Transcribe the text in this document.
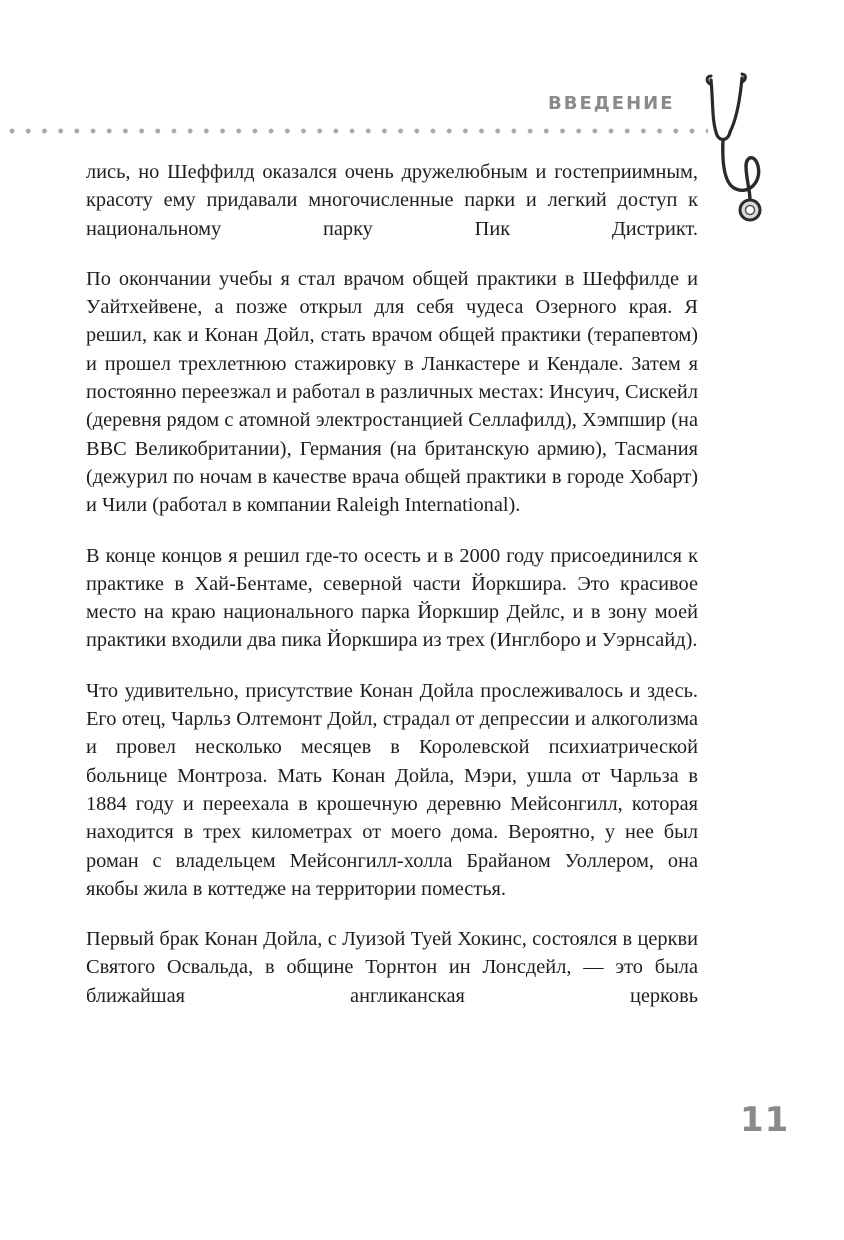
введение

лись, но Шеффилд оказался очень дружелюбным и гостеприимным, красоту ему придавали многочисленные парки и легкий доступ к национальному парку Пик Дистрикт.

По окончании учебы я стал врачом общей практики в Шеффилде и Уайтхейвене, а позже открыл для себя чудеса Озерного края. Я решил, как и Конан Дойл, стать врачом общей практики (терапевтом) и прошел трехлетнюю стажировку в Ланкастере и Кендале. Затем я постоянно переезжал и работал в различных местах: Инсуич, Сискейл (деревня рядом с атомной электростанцией Селлафилд), Хэмпшир (на ВВС Великобритании), Германия (на британскую армию), Тасмания (дежурил по ночам в качестве врача общей практики в городе Хобарт) и Чили (работал в компании Raleigh International).

В конце концов я решил где-то осесть и в 2000 году присоединился к практике в Хай-Бентаме, северной части Йоркшира. Это красивое место на краю национального парка Йоркшир Дейлс, и в зону моей практики входили два пика Йоркшира из трех (Инглборо и Уэрнсайд).

Что удивительно, присутствие Конан Дойла прослеживалось и здесь. Его отец, Чарльз Олтемонт Дойл, страдал от депрессии и алкоголизма и провел несколько месяцев в Королевской психиатрической больнице Монтроза. Мать Конан Дойла, Мэри, ушла от Чарльза в 1884 году и переехала в крошечную деревню Мейсонгилл, которая находится в трех километрах от моего дома. Вероятно, у нее был роман с владельцем Мейсонгилл-холла Брайаном Уоллером, она якобы жила в коттедже на территории поместья.

Первый брак Конан Дойла, с Луизой Туей Хокинс, состоялся в церкви Святого Освальда, в общине Торнтон ин Лонсдейл, — это была ближайшая англиканская церковь

11
